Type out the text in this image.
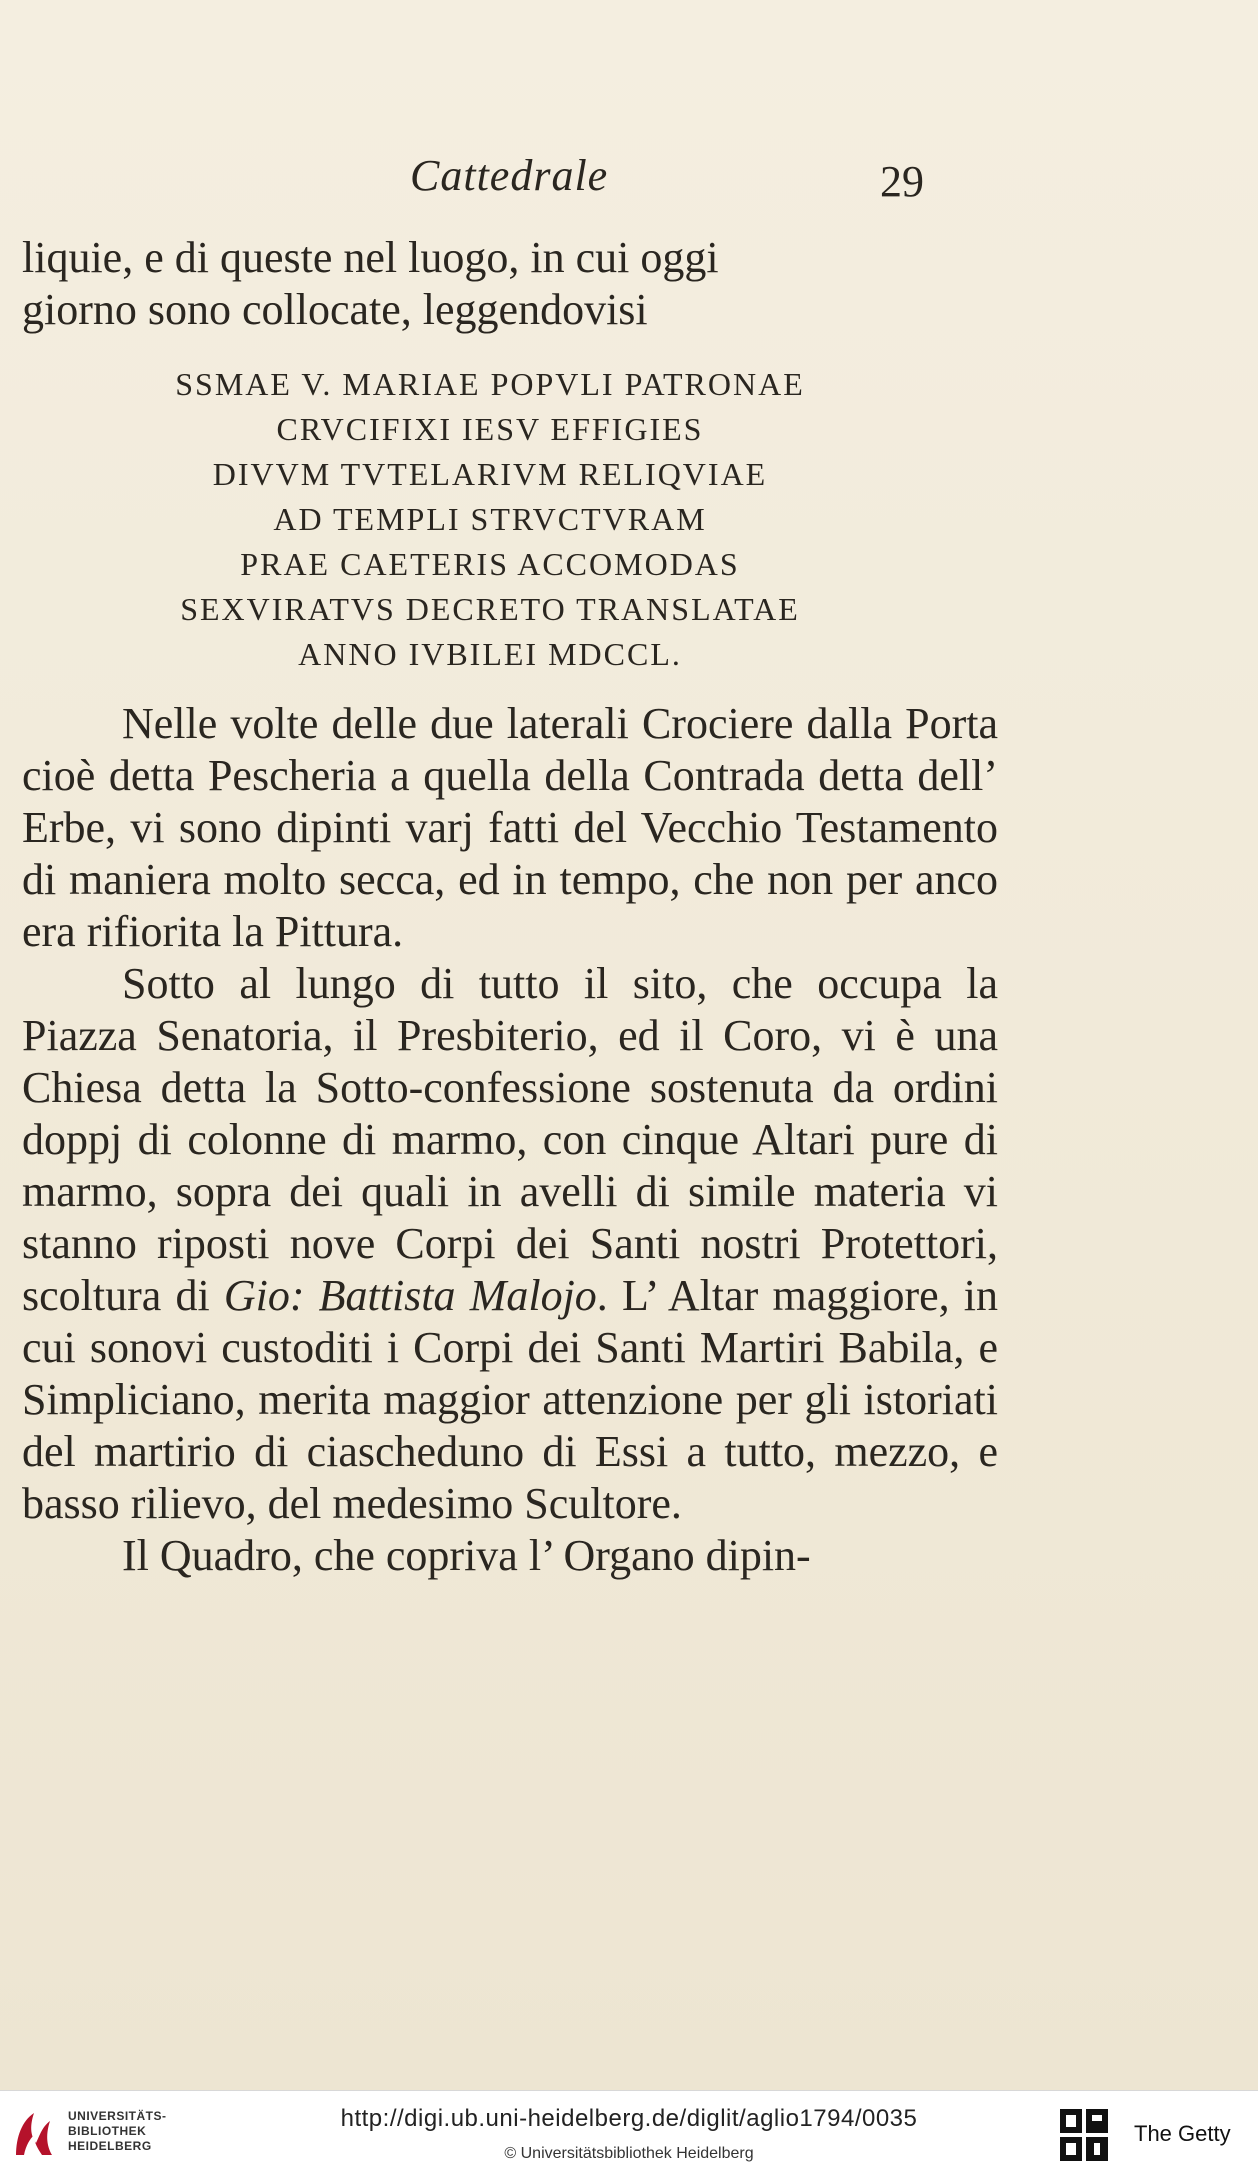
Cattedrale	29
liquie, e di queste nel luogo, in cui oggi
giorno sono collocate, leggendovisi
SSMAE V. MARIAE POPVLI PATRONAE
CRVCIFIXI IESV EFFIGIES
DIVVM TVTELARIVM RELIQVIAE
AD TEMPLI STRVCTVRAM
PRAE CAETERIS ACCOMODAS
SEXVIRATVS DECRETO TRANSLATAE
ANNO IVBILEI MDCCL.

Nelle volte delle due laterali Crociere dalla Porta cioè detta Pescheria a quella della Contrada detta dell’ Erbe, vi sono dipinti varj fatti del Vecchio Testamento di maniera molto secca, ed in tempo, che non per anco era rifiorita la Pittura.

Sotto al lungo di tutto il sito, che occupa la Piazza Senatoria, il Presbiterio, ed il Coro, vi è una Chiesa detta la Sotto-confessione sostenuta da ordini doppj di colonne di marmo, con cinque Altari pure di marmo, sopra dei quali in avelli di simile materia vi stanno riposti nove Corpi dei Santi nostri Protettori, scoltura di Gio: Battista Malojo. L’ Altar maggiore, in cui sonovi custoditi i Corpi dei Santi Martiri Babila, e Simpliciano, merita maggior attenzione per gli istoriati del martirio di ciascheduno di Essi a tutto, mezzo, e basso rilievo, del medesimo Scultore.

Il Quadro, che copriva l’ Organo dipin-

UNIVERSITÄTS-
BIBLIOTHEK
HEIDELBERG
http://digi.ub.uni-heidelberg.de/diglit/aglio1794/0035
© Universitätsbibliothek Heidelberg
The Getty
